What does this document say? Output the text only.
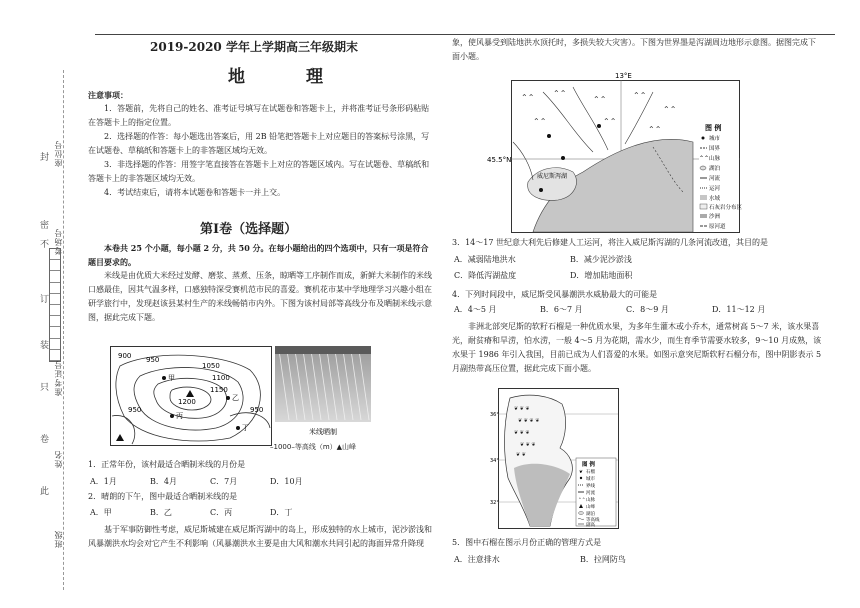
封
密
不
订
装
只
卷
此
座位号
考场号
准考证号
姓名
班级
2019-2020 学年上学期高三年级期末
地　理
注意事项：

1．答题前，先将自己的姓名、准考证号填写在试题卷和答题卡上，并将准考证号条形码粘贴在答题卡上的指定位置。

2．选择题的作答：每小题选出答案后，用 2B 铅笔把答题卡上对应题目的答案标号涂黑，写在试题卷、草稿纸和答题卡上的非答题区域均无效。

3．非选择题的作答：用签字笔直接答在答题卡上对应的答题区域内。写在试题卷、草稿纸和答题卡上的非答题区域均无效。

4．考试结束后，请将本试题卷和答题卡一并上交。

第Ⅰ卷（选择题）

本卷共 25 个小题，每小题 2 分，共 50 分。在每小题给出的四个选项中，只有一项是符合题目要求的。

米线是由优质大米经过发酵、磨浆、蒸煮、压条，晾晒等工序制作而成，新鲜大米制作的米线口感最佳，因其气温多样，口感独特深受赛机范市民的喜爱。赛机花市某中学地理学习兴趣小组在研学旅行中，发现赵该县某村生产的米线畅销市内外。下图为该村局部等高线分布及晒制米线示意图，据此完成下题。

900 950
1050
1100
1150
1200
950
950
甲
乙
丙
丁	米线晒制
–1000–等高线（m）▲山峰
1．正常年份，该村最适合晒制米线的月份是
A．1月	B．4月	C．7月	D．10月
2．晴朗的下午，图中最适合晒制米线的是
A．甲	B．乙	C．丙	D．丁

基于军事防御性考虑，威尼斯城建在威尼斯泻湖中的岛上，形成独特的水上城市，泥沙淤浅和风暴潮洪水均会对它产生不利影响（风暴潮洪水主要是由大风和潮水共同引起的海面异常升降现

象，使风暴受到陆地洪水顶托时，多损失较大灾害）。下图为世界墨是泻湖周边地形示意图。据图完成下面小题。

13°E
45.5°N
威尼斯泻湖
⌃⌃ ⌃⌃
⌃⌃	⌃⌃
⌃⌃
⌃⌃	⌃⌃
⌃⌃	图 例
城市
国界
⌃⌃ 山脉
湖泊
河流
运河
水域
石灰岩分布区
沙洲
原河道
3．14～17 世纪意大利先后修建人工运河，将注入威尼斯泻湖的几条河流改道，其目的是
A．减弱陆地洪水	B．减少泥沙淤浅
C．降低泻湖盐度	D．增加陆地面积
4．下列时间段中，威尼斯受风暴潮洪水威胁最大的可能是
A．4～5 月	B．6～7 月	C．8～9 月	D．11～12 月

非洲北部突尼斯的软籽石榴是一种优质水果，为多年生灌木或小乔木，通常树高 5～7 米，该水果喜光，耐贫瘠和旱涝，怕水涝，一般 4～5 月为花期，需水少，而生育季节需要水较多，9～10 月成熟，该水果于 1986 年引入我国，目前已成为人们喜爱的水果。如图示意突尼斯软籽石榴分布，图中阴影表示 5 月副热带高压位置，据此完成下面小题。

36°
34°
32°
❦ ❦ ❦
❦ ❦ ❦ ❦
❦ ❦ ❦
❦ ❦ ❦
❦ ❦
图 例
❦ 石榴
城市
界线
河流
⌃⌃ 山脉
山峰
湖泊
等高线
副高
5．图中石榴在图示月份正确的管理方式是
A．注意排水	B．拉网防鸟
